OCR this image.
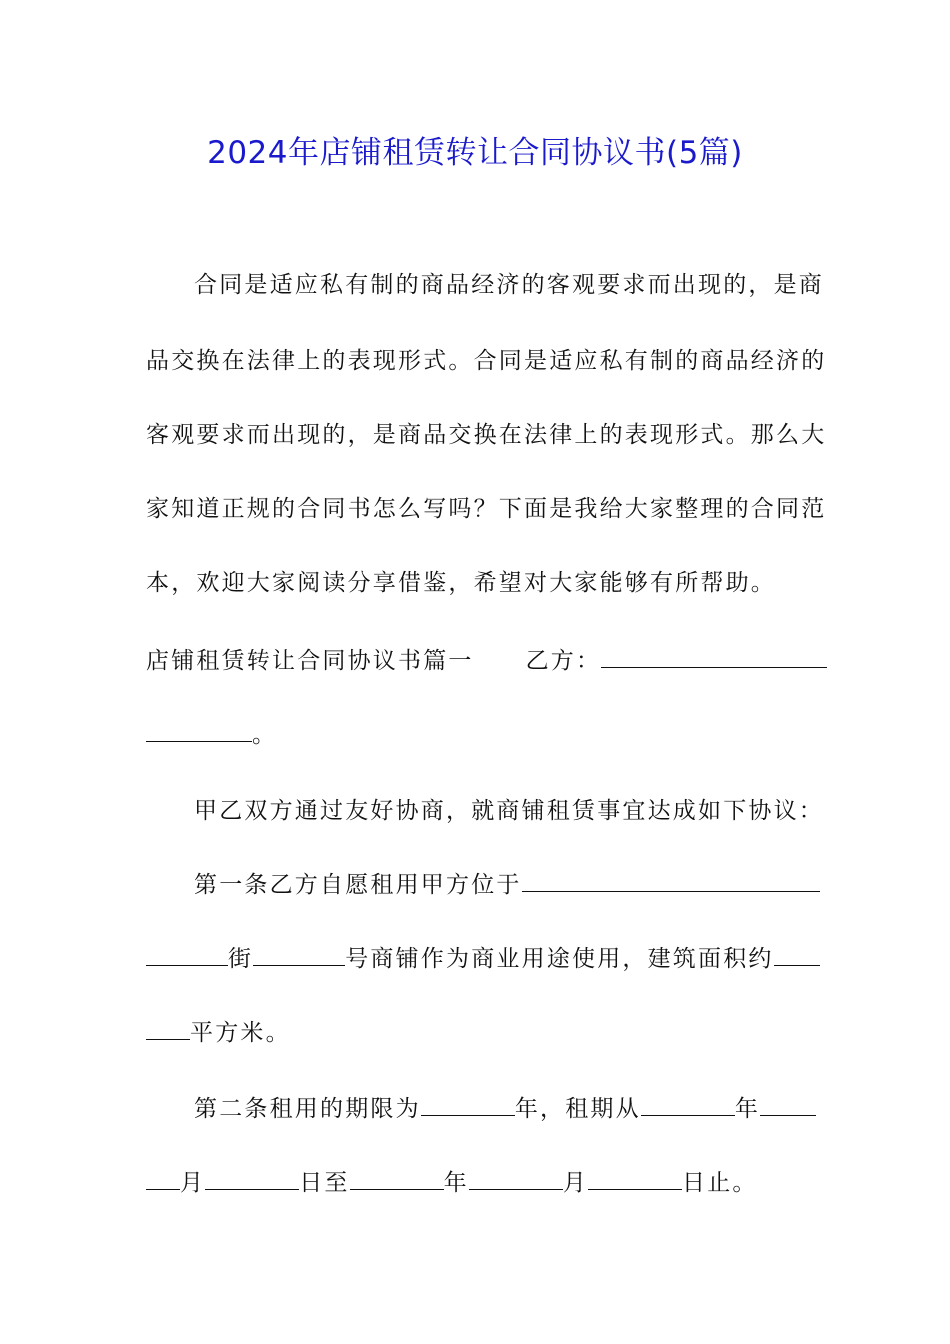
2024年店铺租赁转让合同协议书(5篇)
合同是适应私有制的商品经济的客观要求而出现的，是商
品交换在法律上的表现形式。合同是适应私有制的商品经济的
客观要求而出现的，是商品交换在法律上的表现形式。那么大
家知道正规的合同书怎么写吗？下面是我给大家整理的合同范
本，欢迎大家阅读分享借鉴，希望对大家能够有所帮助。
店铺租赁转让合同协议书篇一 乙方：
。
甲乙双方通过友好协商，就商铺租赁事宜达成如下协议：
第一条乙方自愿租用甲方位于
街	号商铺作为商业用途使用，建筑面积约
平方米。
第二条租用的期限为	年，租期从	年
月	日至	年	月	日止。
